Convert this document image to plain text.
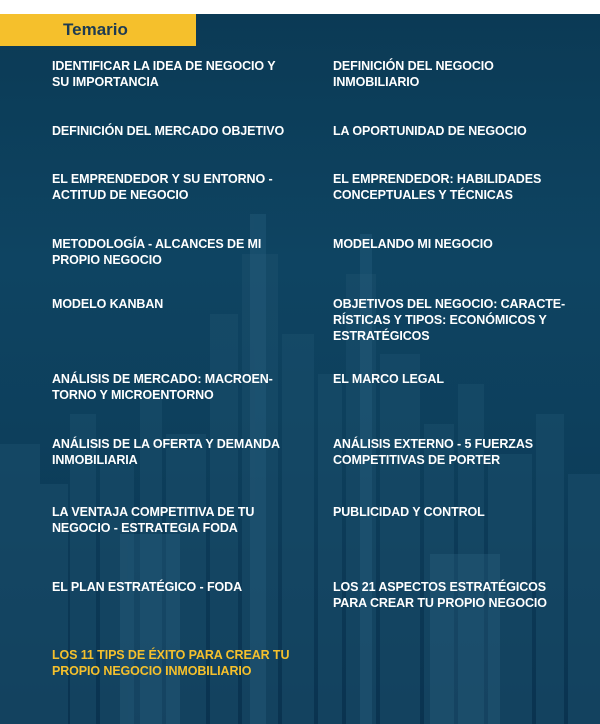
Temario

IDENTIFICAR LA IDEA DE NEGOCIO Y SU IMPORTANCIA

DEFINICIÓN DEL MERCADO OBJETIVO

EL EMPRENDEDOR Y SU ENTORNO - ACTITUD DE NEGOCIO

METODOLOGÍA - ALCANCES DE MI PROPIO NEGOCIO

MODELO KANBAN

ANÁLISIS DE MERCADO: MACROEN-TORNO Y MICROENTORNO

ANÁLISIS DE LA OFERTA Y DEMANDA INMOBILIARIA

LA VENTAJA COMPETITIVA DE TU NEGOCIO - ESTRATEGIA FODA

EL PLAN ESTRATÉGICO - FODA

LOS 11 TIPS DE ÉXITO PARA CREAR TU PROPIO NEGOCIO INMOBILIARIO

DEFINICIÓN DEL NEGOCIO INMOBILIARIO

LA OPORTUNIDAD DE NEGOCIO

EL EMPRENDEDOR: HABILIDADES CONCEPTUALES Y TÉCNICAS

MODELANDO MI NEGOCIO

OBJETIVOS DEL NEGOCIO: CARACTE-RÍSTICAS Y TIPOS: ECONÓMICOS Y ESTRATÉGICOS

EL MARCO LEGAL

ANÁLISIS EXTERNO - 5 FUERZAS COMPETITIVAS DE PORTER

PUBLICIDAD Y CONTROL

LOS 21 ASPECTOS ESTRATÉGICOS PARA CREAR TU PROPIO NEGOCIO
